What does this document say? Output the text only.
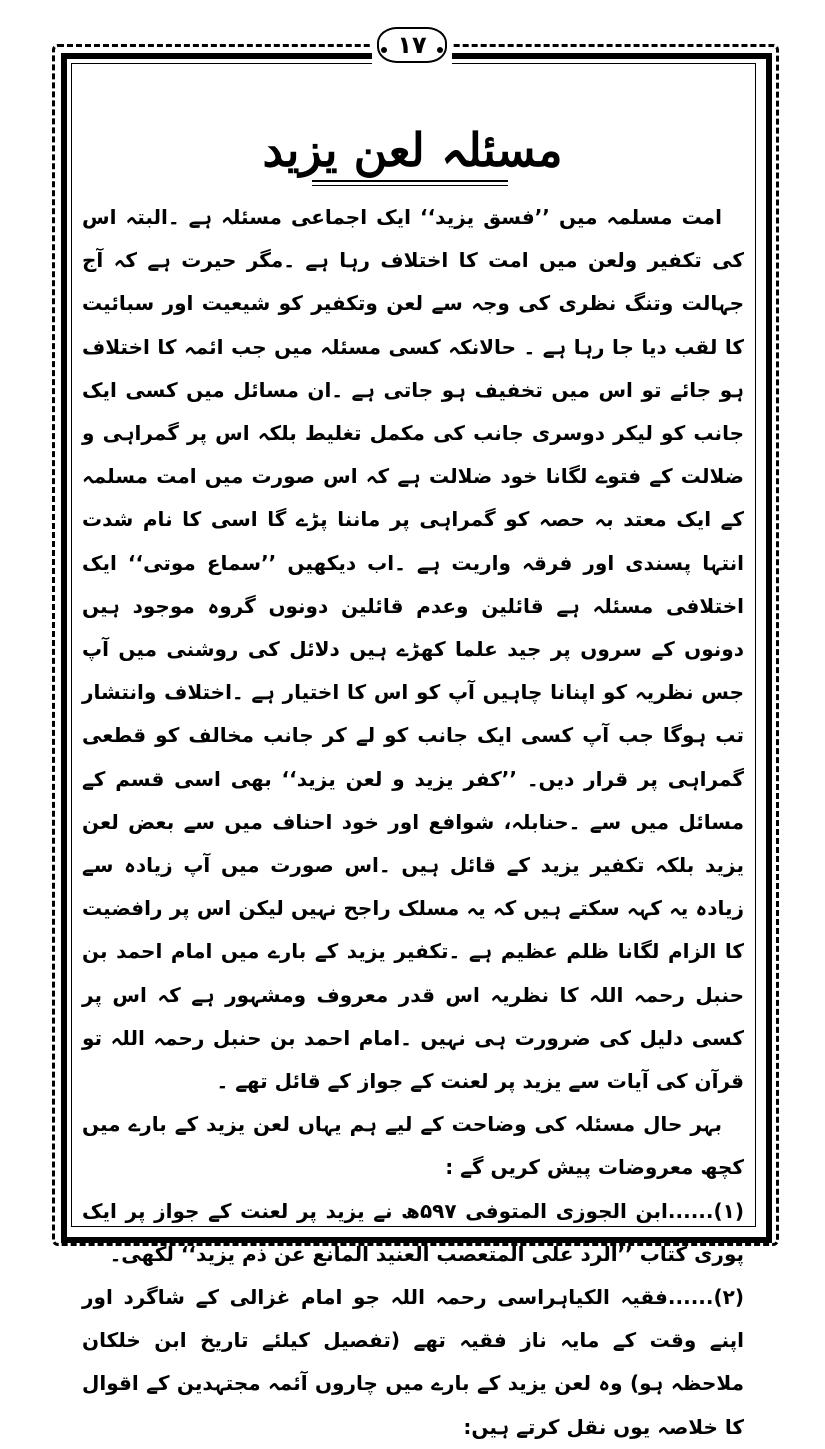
۱۷
مسئلہ لعن یزید

امت مسلمہ میں ’’فسق یزید‘‘ ایک اجماعی مسئلہ ہے ۔البتہ اس کی تکفیر ولعن میں امت کا اختلاف رہا ہے ۔مگر حیرت ہے کہ آج جہالت وتنگ نظری کی وجہ سے لعن وتکفیر کو شیعیت اور سبائیت کا لقب دیا جا رہا ہے ۔ حالانکہ کسی مسئلہ میں جب ائمہ کا اختلاف ہو جائے تو اس میں تخفیف ہو جاتی ہے ۔ان مسائل میں کسی ایک جانب کو لیکر دوسری جانب کی مکمل تغلیط بلکہ اس پر گمراہی و ضلالت کے فتوے لگانا خود ضلالت ہے کہ اس صورت میں امت مسلمہ کے ایک معتد بہ حصہ کو گمراہی پر ماننا پڑے گا اسی کا نام شدت انتہا پسندی اور فرقہ واریت ہے ۔اب دیکھیں ’’سماع موتی‘‘ ایک اختلافی مسئلہ ہے قائلین وعدم قائلین دونوں گروہ موجود ہیں دونوں کے سروں پر جید علما کھڑے ہیں دلائل کی روشنی میں آپ جس نظریہ کو اپنانا چاہیں آپ کو اس کا اختیار ہے ۔اختلاف وانتشار تب ہوگا جب آپ کسی ایک جانب کو لے کر جانب مخالف کو قطعی گمراہی پر قرار دیں۔ ’’کفر یزید و لعن یزید‘‘ بھی اسی قسم کے مسائل میں سے ۔حنابلہ، شوافع اور خود احناف میں سے بعض لعن یزید بلکہ تکفیر یزید کے قائل ہیں ۔اس صورت میں آپ زیادہ سے زیادہ یہ کہہ سکتے ہیں کہ یہ مسلک راجح نہیں لیکن اس پر رافضیت کا الزام لگانا ظلم عظیم ہے ۔تکفیر یزید کے بارے میں امام احمد بن حنبل رحمہ اللہ کا نظریہ اس قدر معروف ومشہور ہے کہ اس پر کسی دلیل کی ضرورت ہی نہیں ۔امام احمد بن حنبل رحمہ اللہ تو قرآن کی آیات سے یزید پر لعنت کے جواز کے قائل تھے ۔

بہر حال مسئلہ کی وضاحت کے لیے ہم یہاں لعن یزید کے بارے میں کچھ معروضات پیش کریں گے :

(۱)......ابن الجوزی المتوفی ۵۹۷ھ نے یزید پر لعنت کے جواز پر ایک پوری کتاب ’’الرد علی المتعصب العنید المانع عن ذم یزید‘‘ لکھی۔

(۲)......فقیہ الکیاہراسی رحمہ اللہ جو امام غزالی کے شاگرد اور اپنے وقت کے مایہ ناز فقیہ تھے (تفصیل کیلئے تاریخ ابن خلکان ملاحظہ ہو) وہ لعن یزید کے بارے میں چاروں آئمہ مجتہدین کے اقوال کا خلاصہ یوں نقل کرتے ہیں:
